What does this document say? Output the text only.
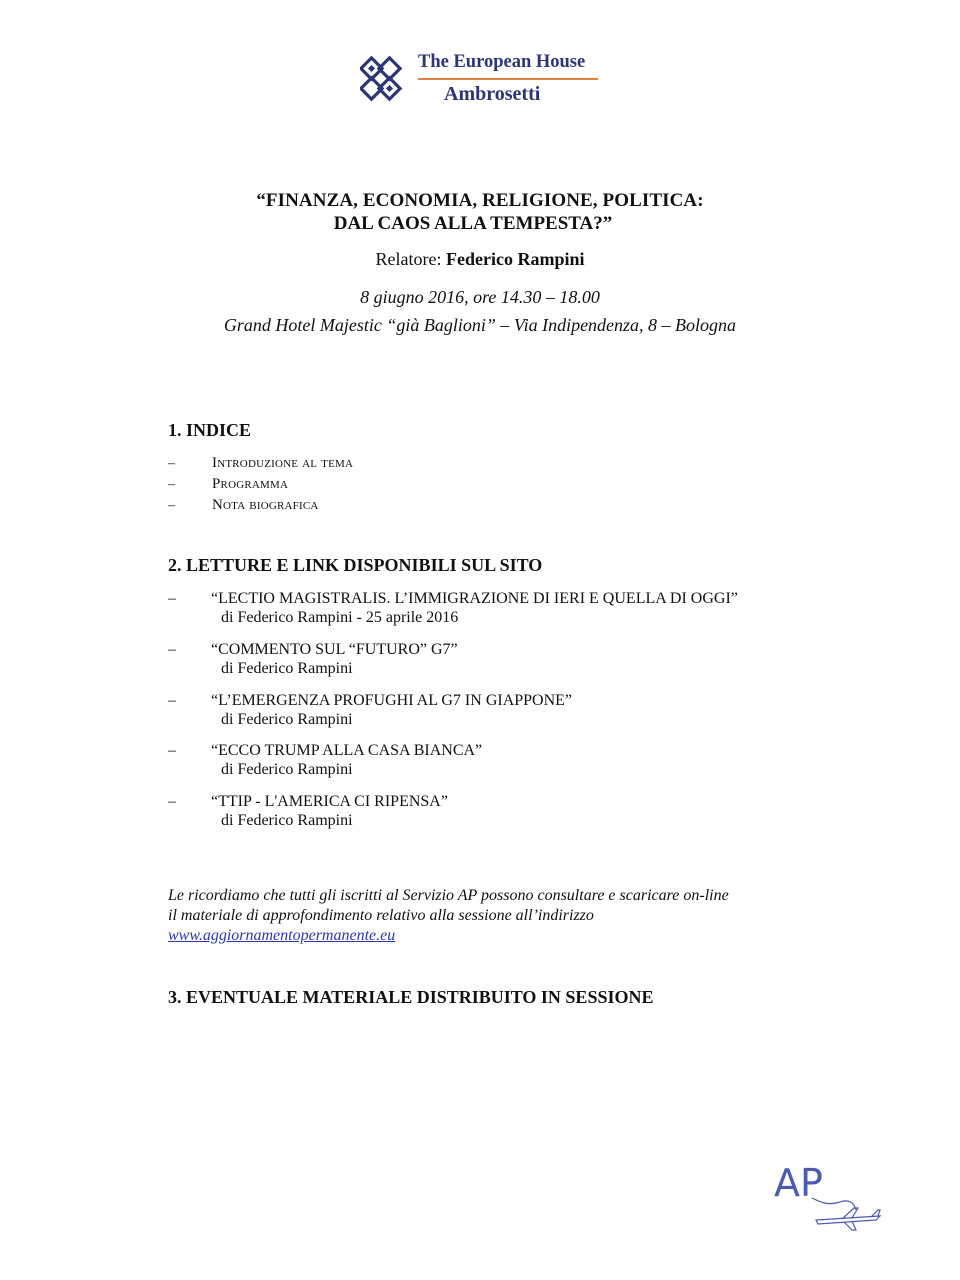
The European House
Ambrosetti
“FINANZA, ECONOMIA, RELIGIONE, POLITICA:
DAL CAOS ALLA TEMPESTA?”
Relatore: Federico Rampini
8 giugno 2016, ore 14.30 – 18.00
Grand Hotel Majestic “già Baglioni” – Via Indipendenza, 8 – Bologna
1. INDICE
– Introduzione al tema
– Programma
– Nota biografica
2. LETTURE E LINK DISPONIBILI SUL SITO
– “LECTIO MAGISTRALIS. L’IMMIGRAZIONE DI IERI E QUELLA DI OGGI”
di Federico Rampini - 25 aprile 2016
– “COMMENTO SUL “FUTURO” G7”
di Federico Rampini
– “L’EMERGENZA PROFUGHI AL G7 IN GIAPPONE”
di Federico Rampini
– “ECCO TRUMP ALLA CASA BIANCA”
di Federico Rampini
– “TTIP - L'AMERICA CI RIPENSA”
di Federico Rampini
Le ricordiamo che tutti gli iscritti al Servizio AP possono consultare e scaricare on-line
il materiale di approfondimento relativo alla sessione all’indirizzo
www.aggiornamentopermanente.eu
3. EVENTUALE MATERIALE DISTRIBUITO IN SESSIONE
AP
